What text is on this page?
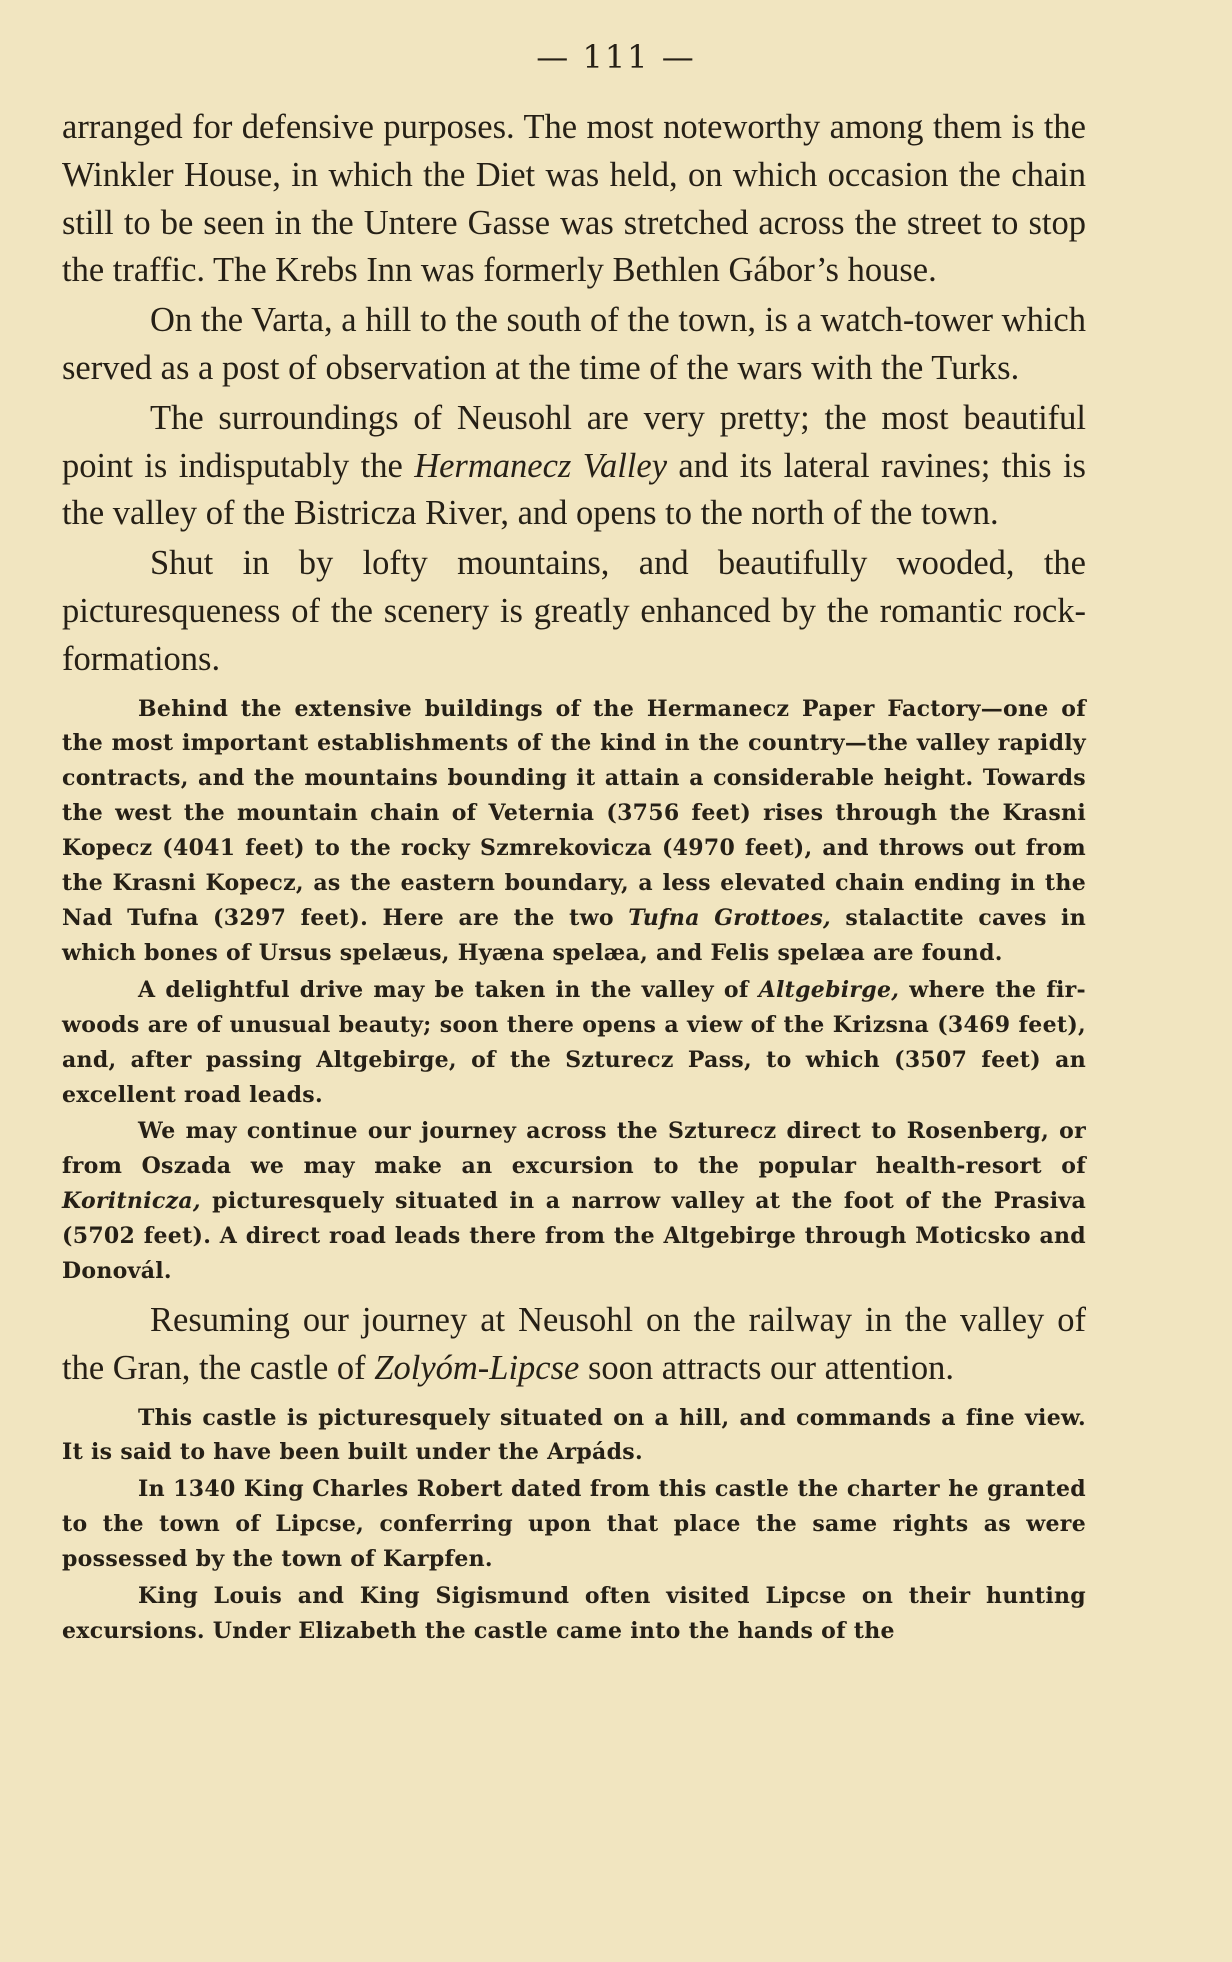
— 111 —

arranged for defensive purposes. The most noteworthy among them is the Winkler House, in which the Diet was held, on which occasion the chain still to be seen in the Untere Gasse was stretched across the street to stop the traffic. The Krebs Inn was formerly Bethlen Gábor’s house.

On the Varta, a hill to the south of the town, is a watch-tower which served as a post of observation at the time of the wars with the Turks.

The surroundings of Neusohl are very pretty; the most beautiful point is indisputably the Hermanecz Valley and its lateral ravines; this is the valley of the Bistricza River, and opens to the north of the town.

Shut in by lofty mountains, and beautifully wooded, the picturesqueness of the scenery is greatly enhanced by the romantic rock-formations.

Behind the extensive buildings of the Hermanecz Paper Factory—one of the most important establishments of the kind in the country—the valley rapidly contracts, and the mountains bounding it attain a considerable height. Towards the west the mountain chain of Veternia (3756 feet) rises through the Krasni Kopecz (4041 feet) to the rocky Szmrekovicza (4970 feet), and throws out from the Krasni Kopecz, as the eastern boundary, a less elevated chain ending in the Nad Tufna (3297 feet). Here are the two Tufna Grottoes, stalactite caves in which bones of Ursus spelæus, Hyæna spelæa, and Felis spelæa are found.

A delightful drive may be taken in the valley of Altgebirge, where the fir-woods are of unusual beauty; soon there opens a view of the Krizsna (3469 feet), and, after passing Altgebirge, of the Szturecz Pass, to which (3507 feet) an excellent road leads.

We may continue our journey across the Szturecz direct to Rosenberg, or from Oszada we may make an excursion to the popular health-resort of Koritnicza, picturesquely situated in a narrow valley at the foot of the Prasiva (5702 feet). A direct road leads there from the Altgebirge through Moticsko and Donovál.

Resuming our journey at Neusohl on the railway in the valley of the Gran, the castle of Zolyóm-Lipcse soon attracts our attention.

This castle is picturesquely situated on a hill, and commands a fine view. It is said to have been built under the Arpáds.

In 1340 King Charles Robert dated from this castle the charter he granted to the town of Lipcse, conferring upon that place the same rights as were possessed by the town of Karpfen.

King Louis and King Sigismund often visited Lipcse on their hunting excursions. Under Elizabeth the castle came into the hands of the
